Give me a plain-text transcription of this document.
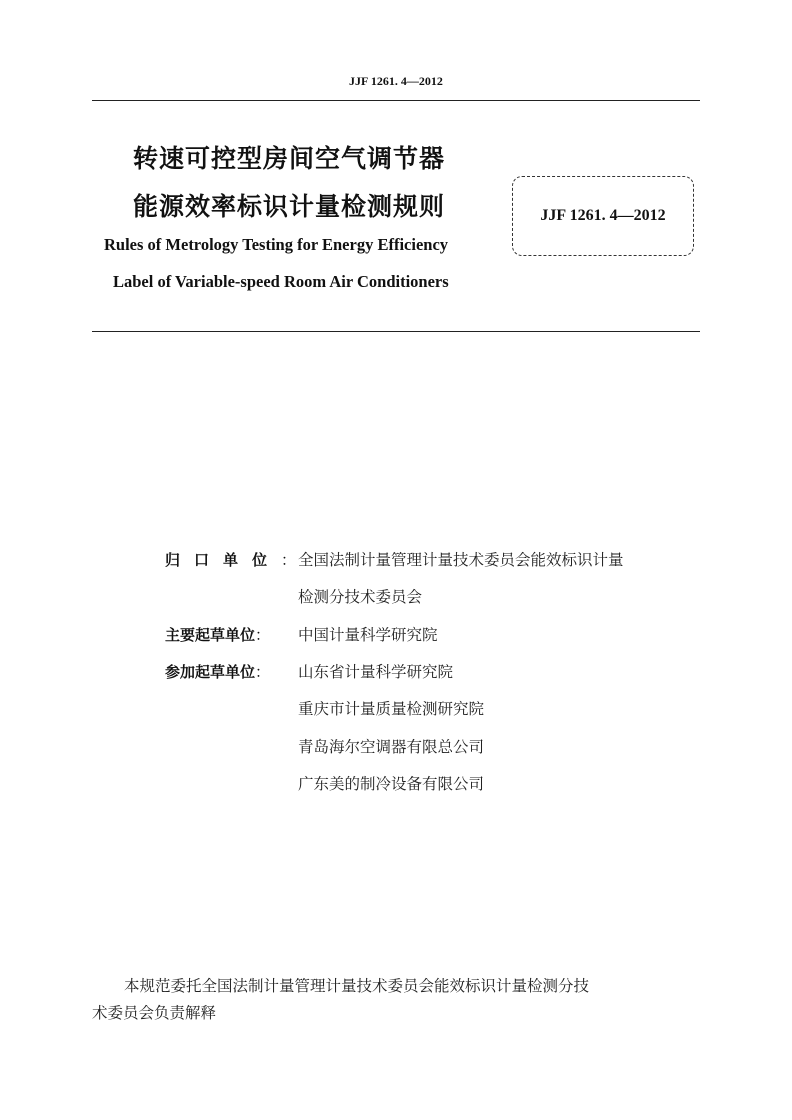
JJF 1261. 4—2012
转速可控型房间空气调节器
能源效率标识计量检测规则	JJF 1261. 4—2012
Rules of Metrology Testing for Energy Efficiency
Label of Variable-speed Room Air Conditioners
归口单位： 全国法制计量管理计量技术委员会能效标识计量
检测分技术委员会
主要起草单位：	中国计量科学研究院
参加起草单位：	山东省计量科学研究院
重庆市计量质量检测研究院
青岛海尔空调器有限总公司
广东美的制冷设备有限公司
本规范委托全国法制计量管理计量技术委员会能效标识计量检测分技
术委员会负责解释
